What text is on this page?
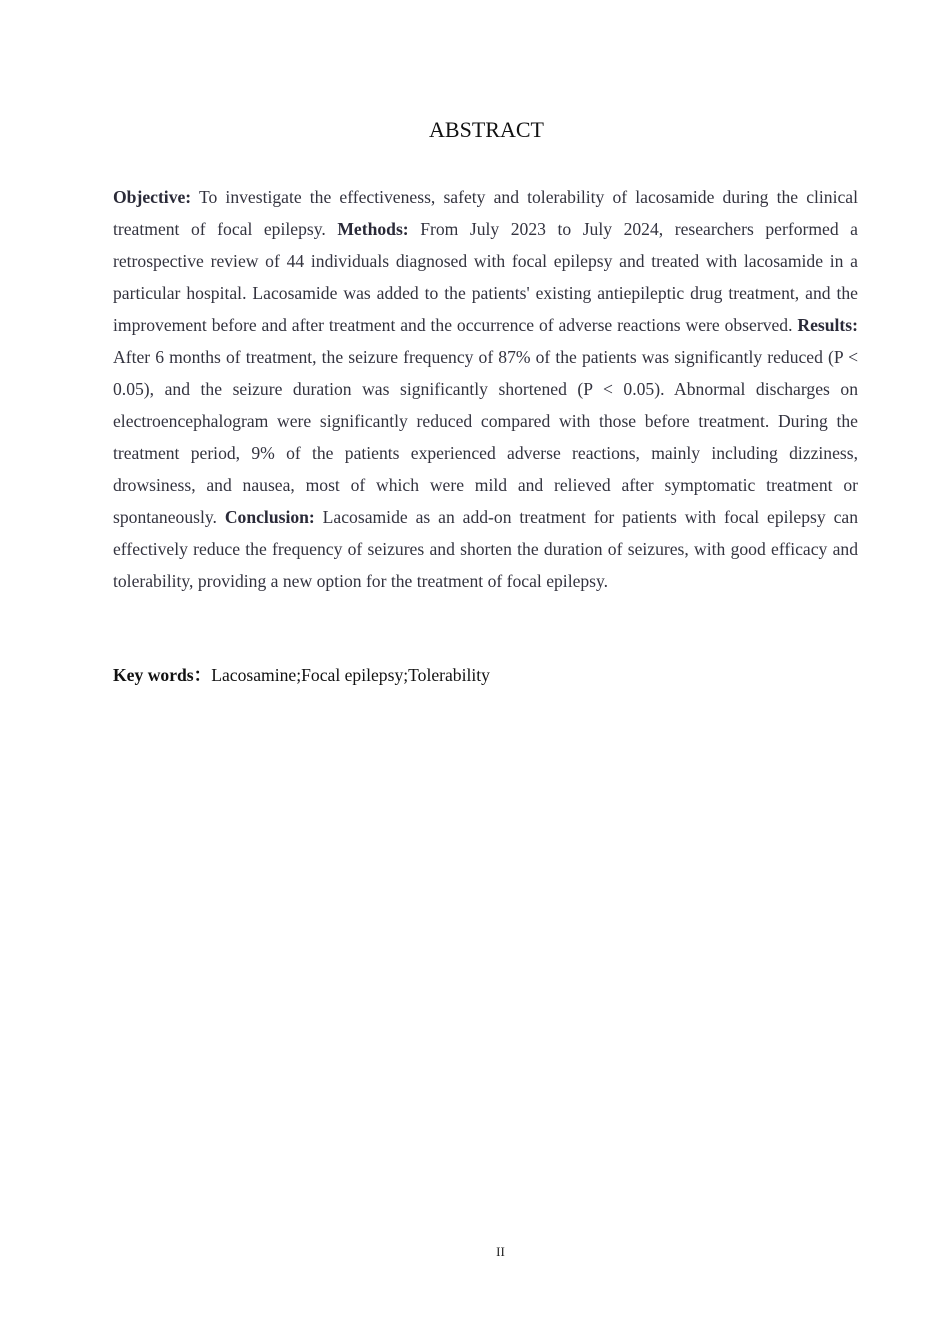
ABSTRACT

Objective: To investigate the effectiveness, safety and tolerability of lacosamide during the clinical treatment of focal epilepsy. Methods: From July 2023 to July 2024, researchers performed a retrospective review of 44 individuals diagnosed with focal epilepsy and treated with lacosamide in a particular hospital. Lacosamide was added to the patients' existing antiepileptic drug treatment, and the improvement before and after treatment and the occurrence of adverse reactions were observed. Results: After 6 months of treatment, the seizure frequency of 87% of the patients was significantly reduced (P < 0.05), and the seizure duration was significantly shortened (P < 0.05). Abnormal discharges on electroencephalogram were significantly reduced compared with those before treatment. During the treatment period, 9% of the patients experienced adverse reactions, mainly including dizziness, drowsiness, and nausea, most of which were mild and relieved after symptomatic treatment or spontaneously. Conclusion: Lacosamide as an add-on treatment for patients with focal epilepsy can effectively reduce the frequency of seizures and shorten the duration of seizures, with good efficacy and tolerability, providing a new option for the treatment of focal epilepsy.

Key words：Lacosamine;Focal epilepsy;Tolerability
II
